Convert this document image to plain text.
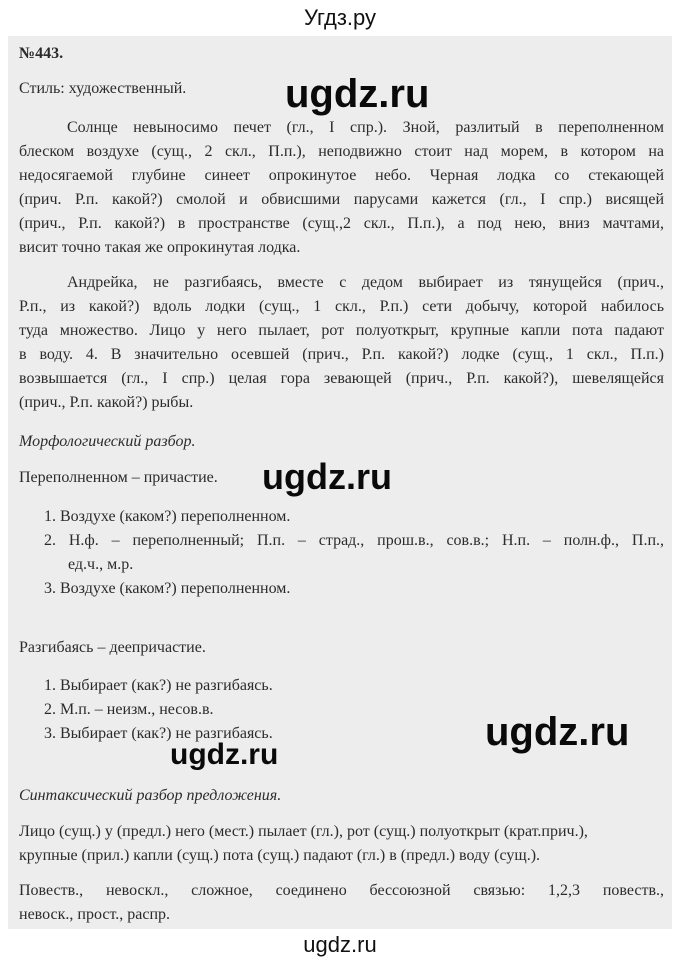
Угдз.ру
№443.
Стиль: художественный.
Солнце невыносимо печет (гл., I спр.). Зной, разлитый в переполненном
блеском воздухе (сущ., 2 скл., П.п.), неподвижно стоит над морем, в котором на
недосягаемой глубине синеет опрокинутое небо. Черная лодка со стекающей
(прич. Р.п. какой?) смолой и обвисшими парусами кажется (гл., I спр.) висящей
(прич., Р.п. какой?) в пространстве (сущ.,2 скл., П.п.), а под нею, вниз мачтами,
висит точно такая же опрокинутая лодка.
Андрейка, не разгибаясь, вместе с дедом выбирает из тянущейся (прич.,
Р.п., из какой?) вдоль лодки (сущ., 1 скл., Р.п.) сети добычу, которой набилось
туда множество. Лицо у него пылает, рот полуоткрыт, крупные капли пота падают
в воду. 4. В значительно осевшей (прич., Р.п. какой?) лодке (сущ., 1 скл., П.п.)
возвышается (гл., I спр.) целая гора зевающей (прич., Р.п. какой?), шевелящейся
(прич., Р.п. какой?) рыбы.
Морфологический разбор.
Переполненном – причастие.
1. Воздухе (каком?) переполненном.
2. Н.ф. – переполненный; П.п. – страд., прош.в., сов.в.; Н.п. – полн.ф., П.п.,
ед.ч., м.р.
3. Воздухе (каком?) переполненном.
Разгибаясь – деепричастие.
1. Выбирает (как?) не разгибаясь.
2. М.п. – неизм., несов.в.
3. Выбирает (как?) не разгибаясь.
Синтаксический разбор предложения.
Лицо (сущ.) у (предл.) него (мест.) пылает (гл.), рот (сущ.) полуоткрыт (крат.прич.),
крупные (прил.) капли (сущ.) пота (сущ.) падают (гл.) в (предл.) воду (сущ.).
Повеств., невоскл., сложное, соединено бессоюзной связью: 1,2,3 повеств.,
невоск., прост., распр.
ugdz.ru
ugdz.ru
ugdz.ru
ugdz.ru
ugdz.ru
